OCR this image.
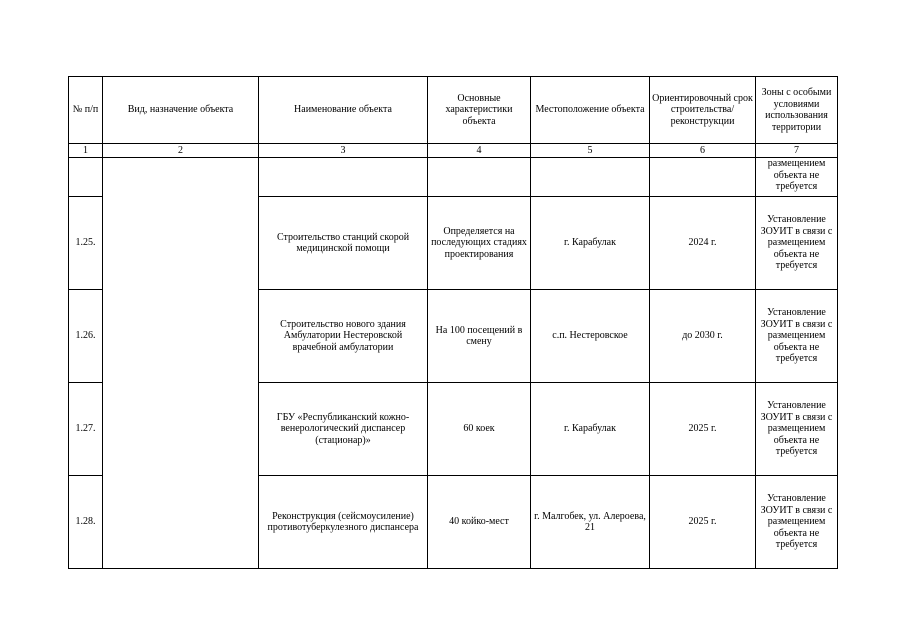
№ п/п	Вид, назначение объекта	Наименование объекта	Основные характеристики объекта	Местоположение объекта	Ориентировочный срок строительства/ реконструкции	Зоны с особыми условиями использования территории
1	2	3	4	5	6	7
						размещением объекта не требуется
1.25.		Строительство станций скорой медицинской помощи	Определяется на последующих стадиях проектирования	г. Карабулак	2024 г.	Установление ЗОУИТ в связи с размещением объекта не требуется
1.26.		Строительство нового здания Амбулатории Нестеровской врачебной амбулатории	На 100 посещений в смену	с.п. Нестеровское	до 2030 г.	Установление ЗОУИТ в связи с размещением объекта не требуется
1.27.		ГБУ «Республиканский кожно-венерологический диспансер (стационар)»	60 коек	г. Карабулак	2025 г.	Установление ЗОУИТ в связи с размещением объекта не требуется
1.28.		Реконструкция (сейсмоусиление) противотуберкулезного диспансера	40 койко-мест	г. Малгобек, ул. Алероева, 21	2025 г.	Установление ЗОУИТ в связи с размещением объекта не требуется
